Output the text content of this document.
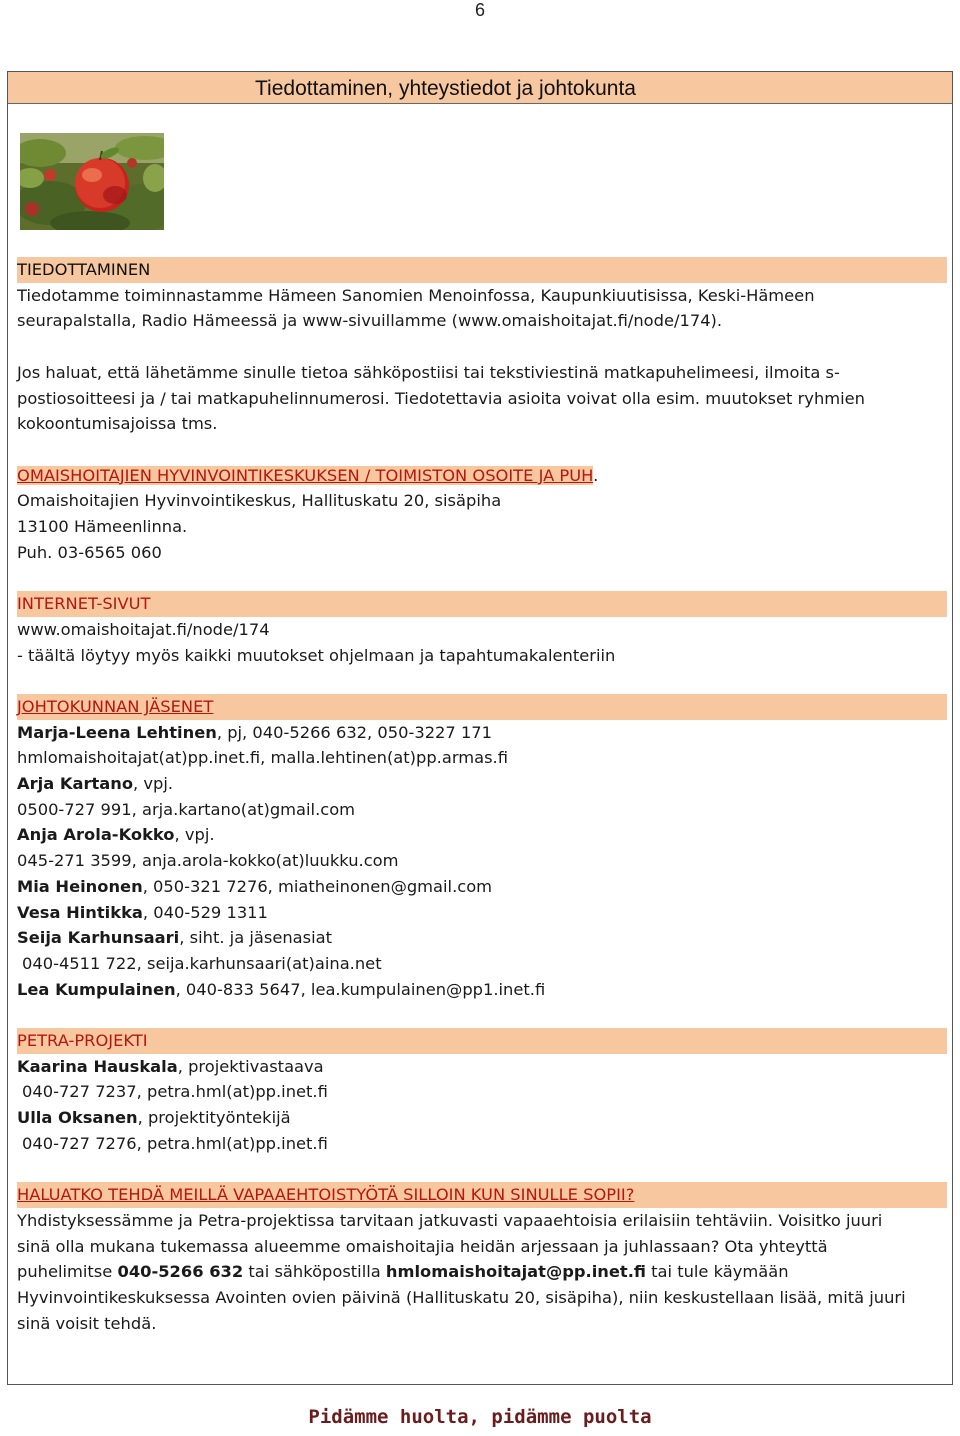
6
Tiedottaminen, yhteystiedot ja johtokunta

TIEDOTTAMINEN

Tiedotamme toiminnastamme Hämeen Sanomien Menoinfossa, Kaupunkiuutisissa, Keski-Hämeen

seurapalstalla, Radio Hämeessä ja www-sivuillamme (www.omaishoitajat.fi/node/174).

Jos haluat, että lähetämme sinulle tietoa sähköpostiisi tai tekstiviestinä matkapuhelimeesi, ilmoita s-

postiosoitteesi ja / tai matkapuhelinnumerosi. Tiedotettavia asioita voivat olla esim. muutokset ryhmien

kokoontumisajoissa tms.

OMAISHOITAJIEN HYVINVOINTIKESKUKSEN / TOIMISTON OSOITE JA PUH.

Omaishoitajien Hyvinvointikeskus, Hallituskatu 20, sisäpiha

13100 Hämeenlinna.

Puh. 03-6565 060

INTERNET-SIVUT

www.omaishoitajat.fi/node/174

- täältä löytyy myös kaikki muutokset ohjelmaan ja tapahtumakalenteriin

JOHTOKUNNAN JÄSENET

Marja-Leena Lehtinen, pj, 040-5266 632, 050-3227 171

hmlomaishoitajat(at)pp.inet.fi, malla.lehtinen(at)pp.armas.fi

Arja Kartano, vpj.

0500-727 991, arja.kartano(at)gmail.com

Anja Arola-Kokko, vpj.

045-271 3599, anja.arola-kokko(at)luukku.com

Mia Heinonen, 050-321 7276, miatheinonen@gmail.com

Vesa Hintikka, 040-529 1311

Seija Karhunsaari, siht. ja jäsenasiat

040-4511 722, seija.karhunsaari(at)aina.net

Lea Kumpulainen, 040-833 5647, lea.kumpulainen@pp1.inet.fi

PETRA-PROJEKTI

Kaarina Hauskala, projektivastaava

040-727 7237, petra.hml(at)pp.inet.fi

Ulla Oksanen, projektityöntekijä

040-727 7276, petra.hml(at)pp.inet.fi

HALUATKO TEHDÄ MEILLÄ VAPAAEHTOISTYÖTÄ SILLOIN KUN SINULLE SOPII?

Yhdistyksessämme ja Petra-projektissa tarvitaan jatkuvasti vapaaehtoisia erilaisiin tehtäviin. Voisitko juuri

sinä olla mukana tukemassa alueemme omaishoitajia heidän arjessaan ja juhlassaan? Ota yhteyttä

puhelimitse 040-5266 632 tai sähköpostilla hmlomaishoitajat@pp.inet.fi tai tule käymään

Hyvinvointikeskuksessa Avointen ovien päivinä (Hallituskatu 20, sisäpiha), niin keskustellaan lisää, mitä juuri

sinä voisit tehdä.

Pidämme huolta, pidämme puolta
